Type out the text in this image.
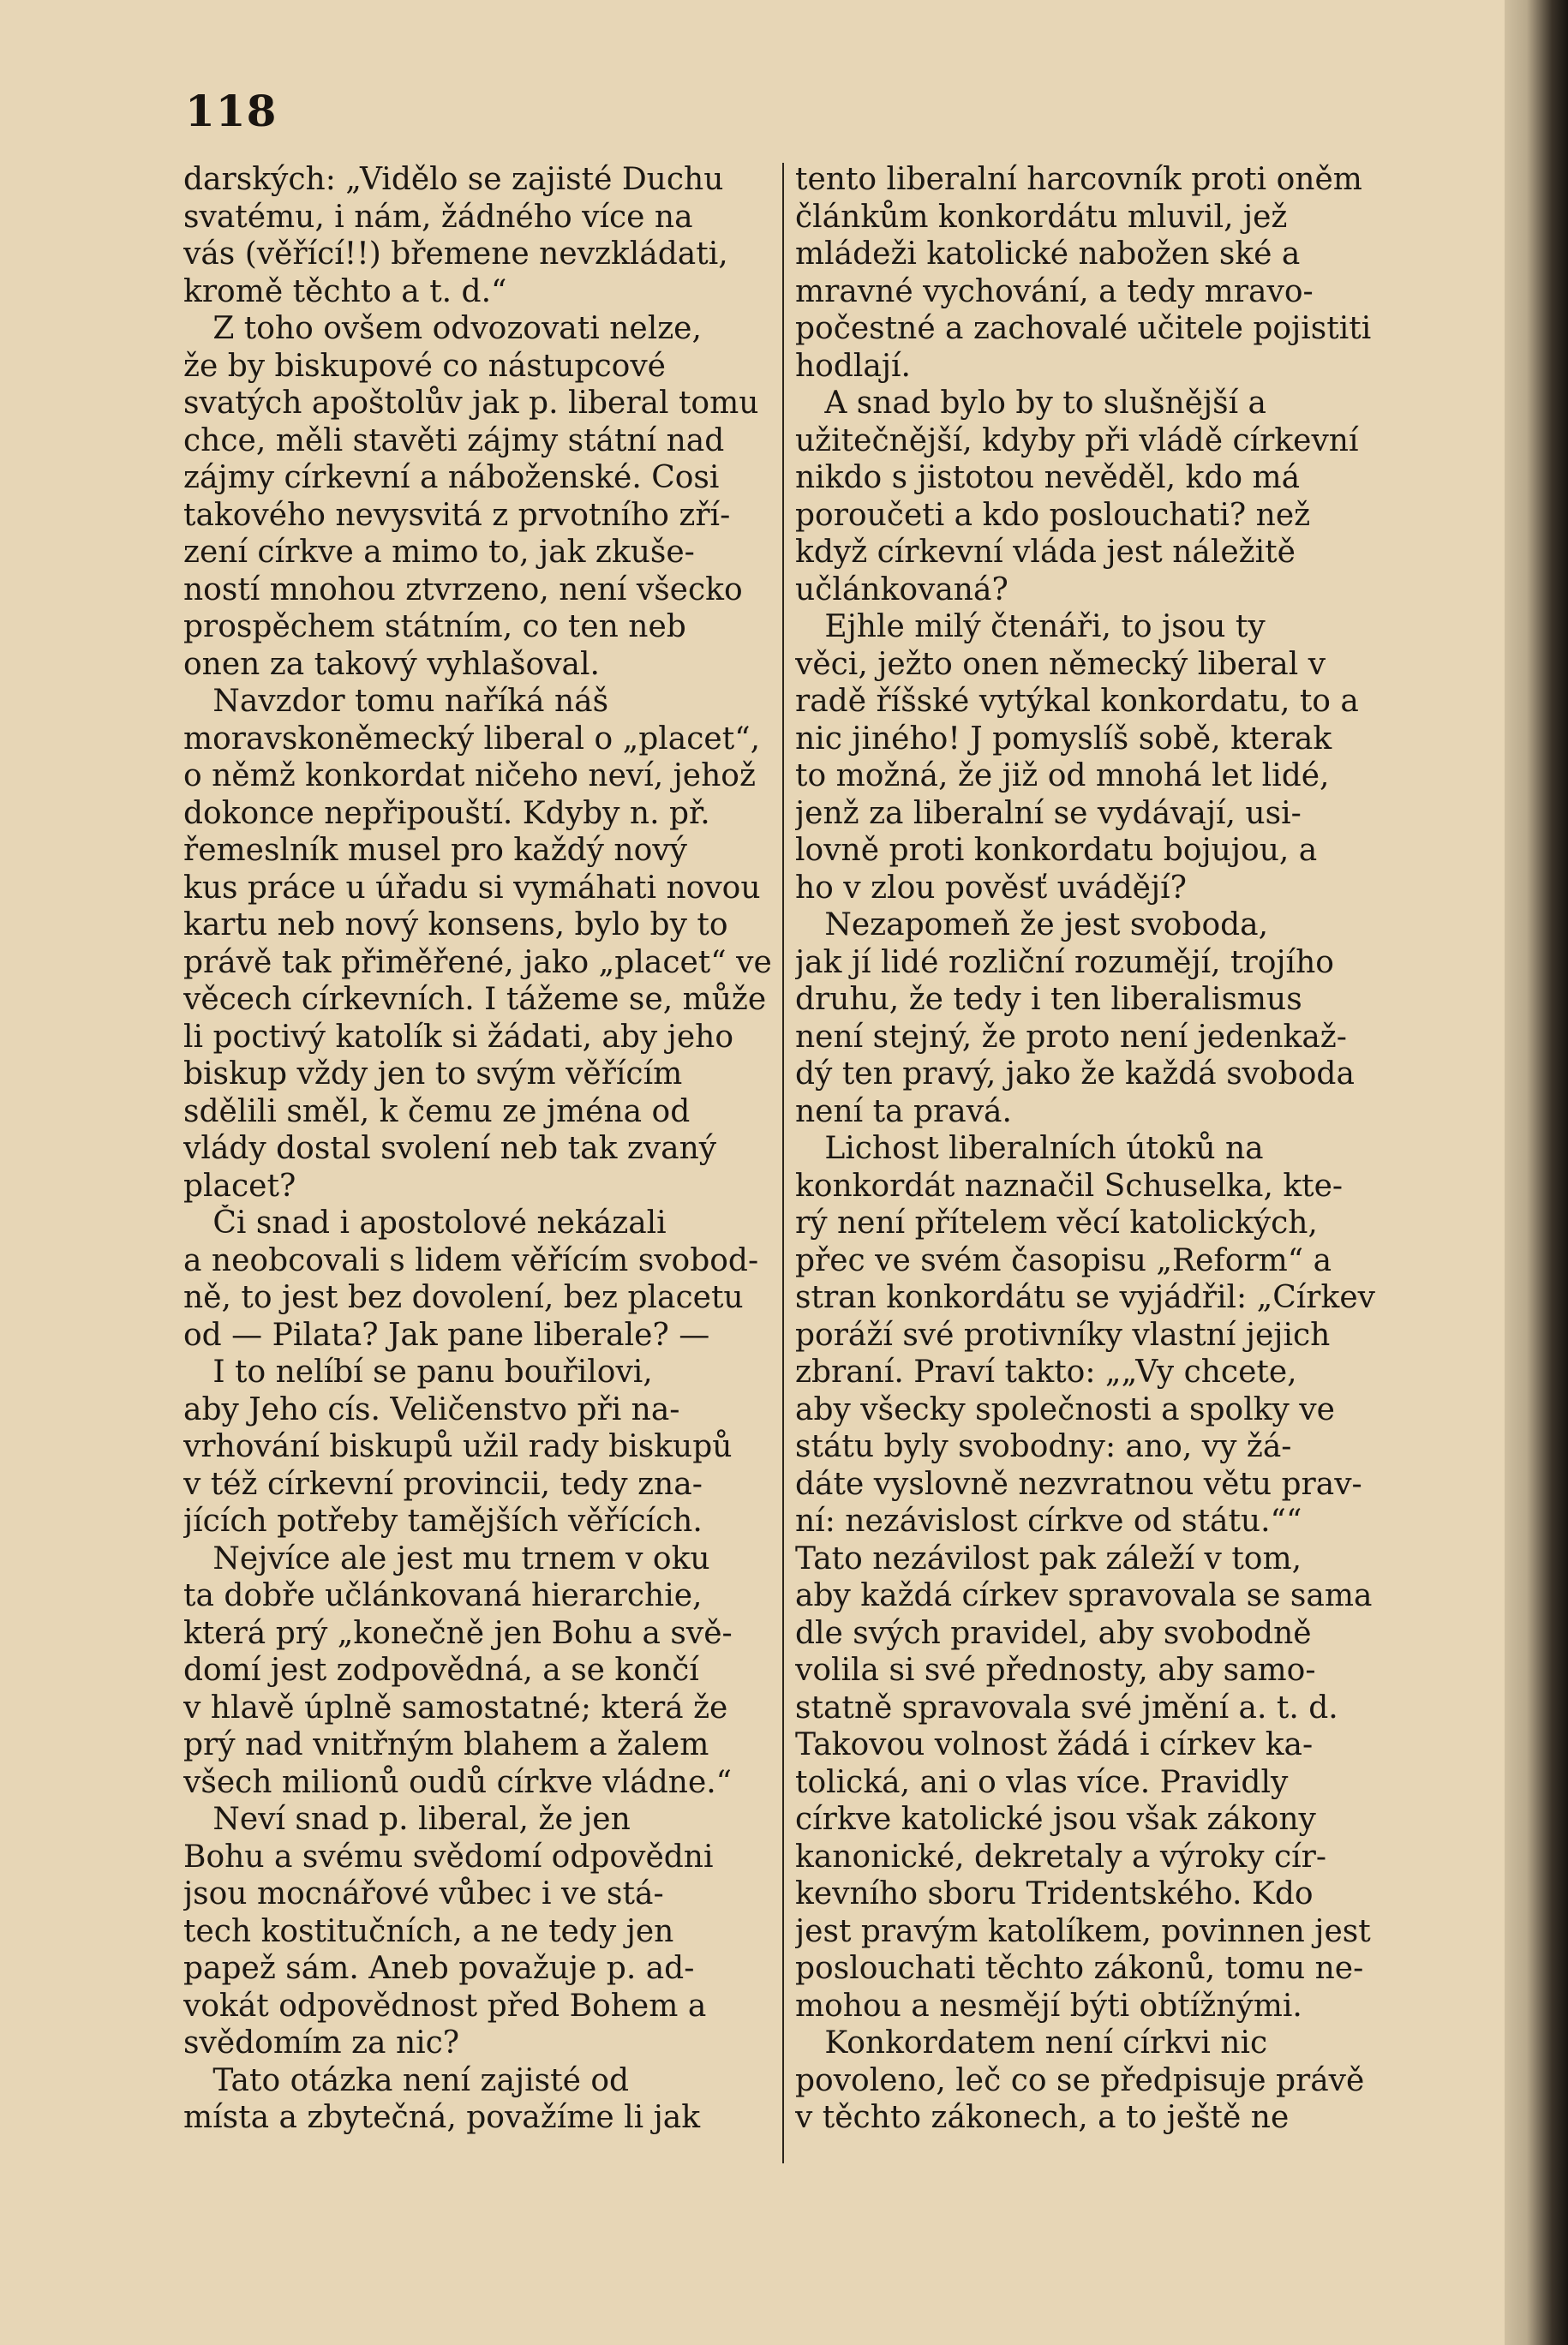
118
darských: „Vidělo se zajisté Duchu
svatému, i nám, žádného více na
vás (věřící!!) břemene nevzkládati,
kromě těchto a t. d.“
Z toho ovšem odvozovati nelze,
že by biskupové co nástupcové
svatých apoštolův jak p. liberal tomu
chce, měli stavěti zájmy státní nad
zájmy církevní a náboženské. Cosi
takového nevysvitá z prvotního zří-
zení církve a mimo to, jak zkuše-
ností mnohou ztvrzeno, není všecko
prospěchem státním, co ten neb
onen za takový vyhlašoval.
Navzdor tomu naříká náš
moravskoněmecký liberal o „placet“,
o němž konkordat ničeho neví, jehož
dokonce nepřipouští. Kdyby n. př.
řemeslník musel pro každý nový
kus práce u úřadu si vymáhati novou
kartu neb nový konsens, bylo by to
právě tak přiměřené, jako „placet“ ve
věcech církevních. I tážeme se, může
li poctivý katolík si žádati, aby jeho
biskup vždy jen to svým věřícím
sdělili směl, k čemu ze jména od
vlády dostal svolení neb tak zvaný
placet?
Či snad i apostolové nekázali
a neobcovali s lidem věřícím svobod-
ně, to jest bez dovolení, bez placetu
od — Pilata? Jak pane liberale? —
I to nelíbí se panu bouřilovi,
aby Jeho cís. Veličenstvo při na-
vrhování biskupů užil rady biskupů
v též církevní provincii, tedy zna-
jících potřeby tamějších věřících.
Nejvíce ale jest mu trnem v oku
ta dobře učlánkovaná hierarchie,
která prý „konečně jen Bohu a svě-
domí jest zodpovědná, a se končí
v hlavě úplně samostatné; která že
prý nad vnitřným blahem a žalem
všech milionů oudů církve vládne.“
Neví snad p. liberal, že jen
Bohu a svému svědomí odpovědni
jsou mocnářové vůbec i ve stá-
tech kostitučních, a ne tedy jen
papež sám. Aneb považuje p. ad-
vokát odpovědnost před Bohem a
svědomím za nic?
Tato otázka není zajisté od
místa a zbytečná, považíme li jak
tento liberalní harcovník proti oněm
článkům konkordátu mluvil, jež
mládeži katolické nabožen ské a
mravné vychování, a tedy mravo-
počestné a zachovalé učitele pojistiti
hodlají.
A snad bylo by to slušnější a
užitečnější, kdyby při vládě církevní
nikdo s jistotou nevěděl, kdo má
poroučeti a kdo poslouchati? než
když církevní vláda jest náležitě
učlánkovaná?
Ejhle milý čtenáři, to jsou ty
věci, ježto onen německý liberal v
radě říšské vytýkal konkordatu, to a
nic jiného! J pomyslíš sobě, kterak
to možná, že již od mnohá let lidé,
jenž za liberalní se vydávají, usi-
lovně proti konkordatu bojujou, a
ho v zlou pověsť uvádějí?
Nezapomeň že jest svoboda,
jak jí lidé rozliční rozumějí, trojího
druhu, že tedy i ten liberalismus
není stejný, že proto není jedenkaž-
dý ten pravý, jako že každá svoboda
není ta pravá.
Lichost liberalních útoků na
konkordát naznačil Schuselka, kte-
rý není přítelem věcí katolických,
přec ve svém časopisu „Reform“ a
stran konkordátu se vyjádřil: „Církev
poráží své protivníky vlastní jejich
zbraní. Praví takto: „„Vy chcete,
aby všecky společnosti a spolky ve
státu byly svobodny: ano, vy žá-
dáte vyslovně nezvratnou větu prav-
ní: nezávislost církve od státu.““
Tato nezávilost pak záleží v tom,
aby každá církev spravovala se sama
dle svých pravidel, aby svobodně
volila si své přednosty, aby samo-
statně spravovala své jmění a. t. d.
Takovou volnost žádá i církev ka-
tolická, ani o vlas více. Pravidly
církve katolické jsou však zákony
kanonické, dekretaly a výroky cír-
kevního sboru Tridentského. Kdo
jest pravým katolíkem, povinnen jest
poslouchati těchto zákonů, tomu ne-
mohou a nesmějí býti obtížnými.
Konkordatem není církvi nic
povoleno, leč co se předpisuje právě
v těchto zákonech, a to ještě ne
